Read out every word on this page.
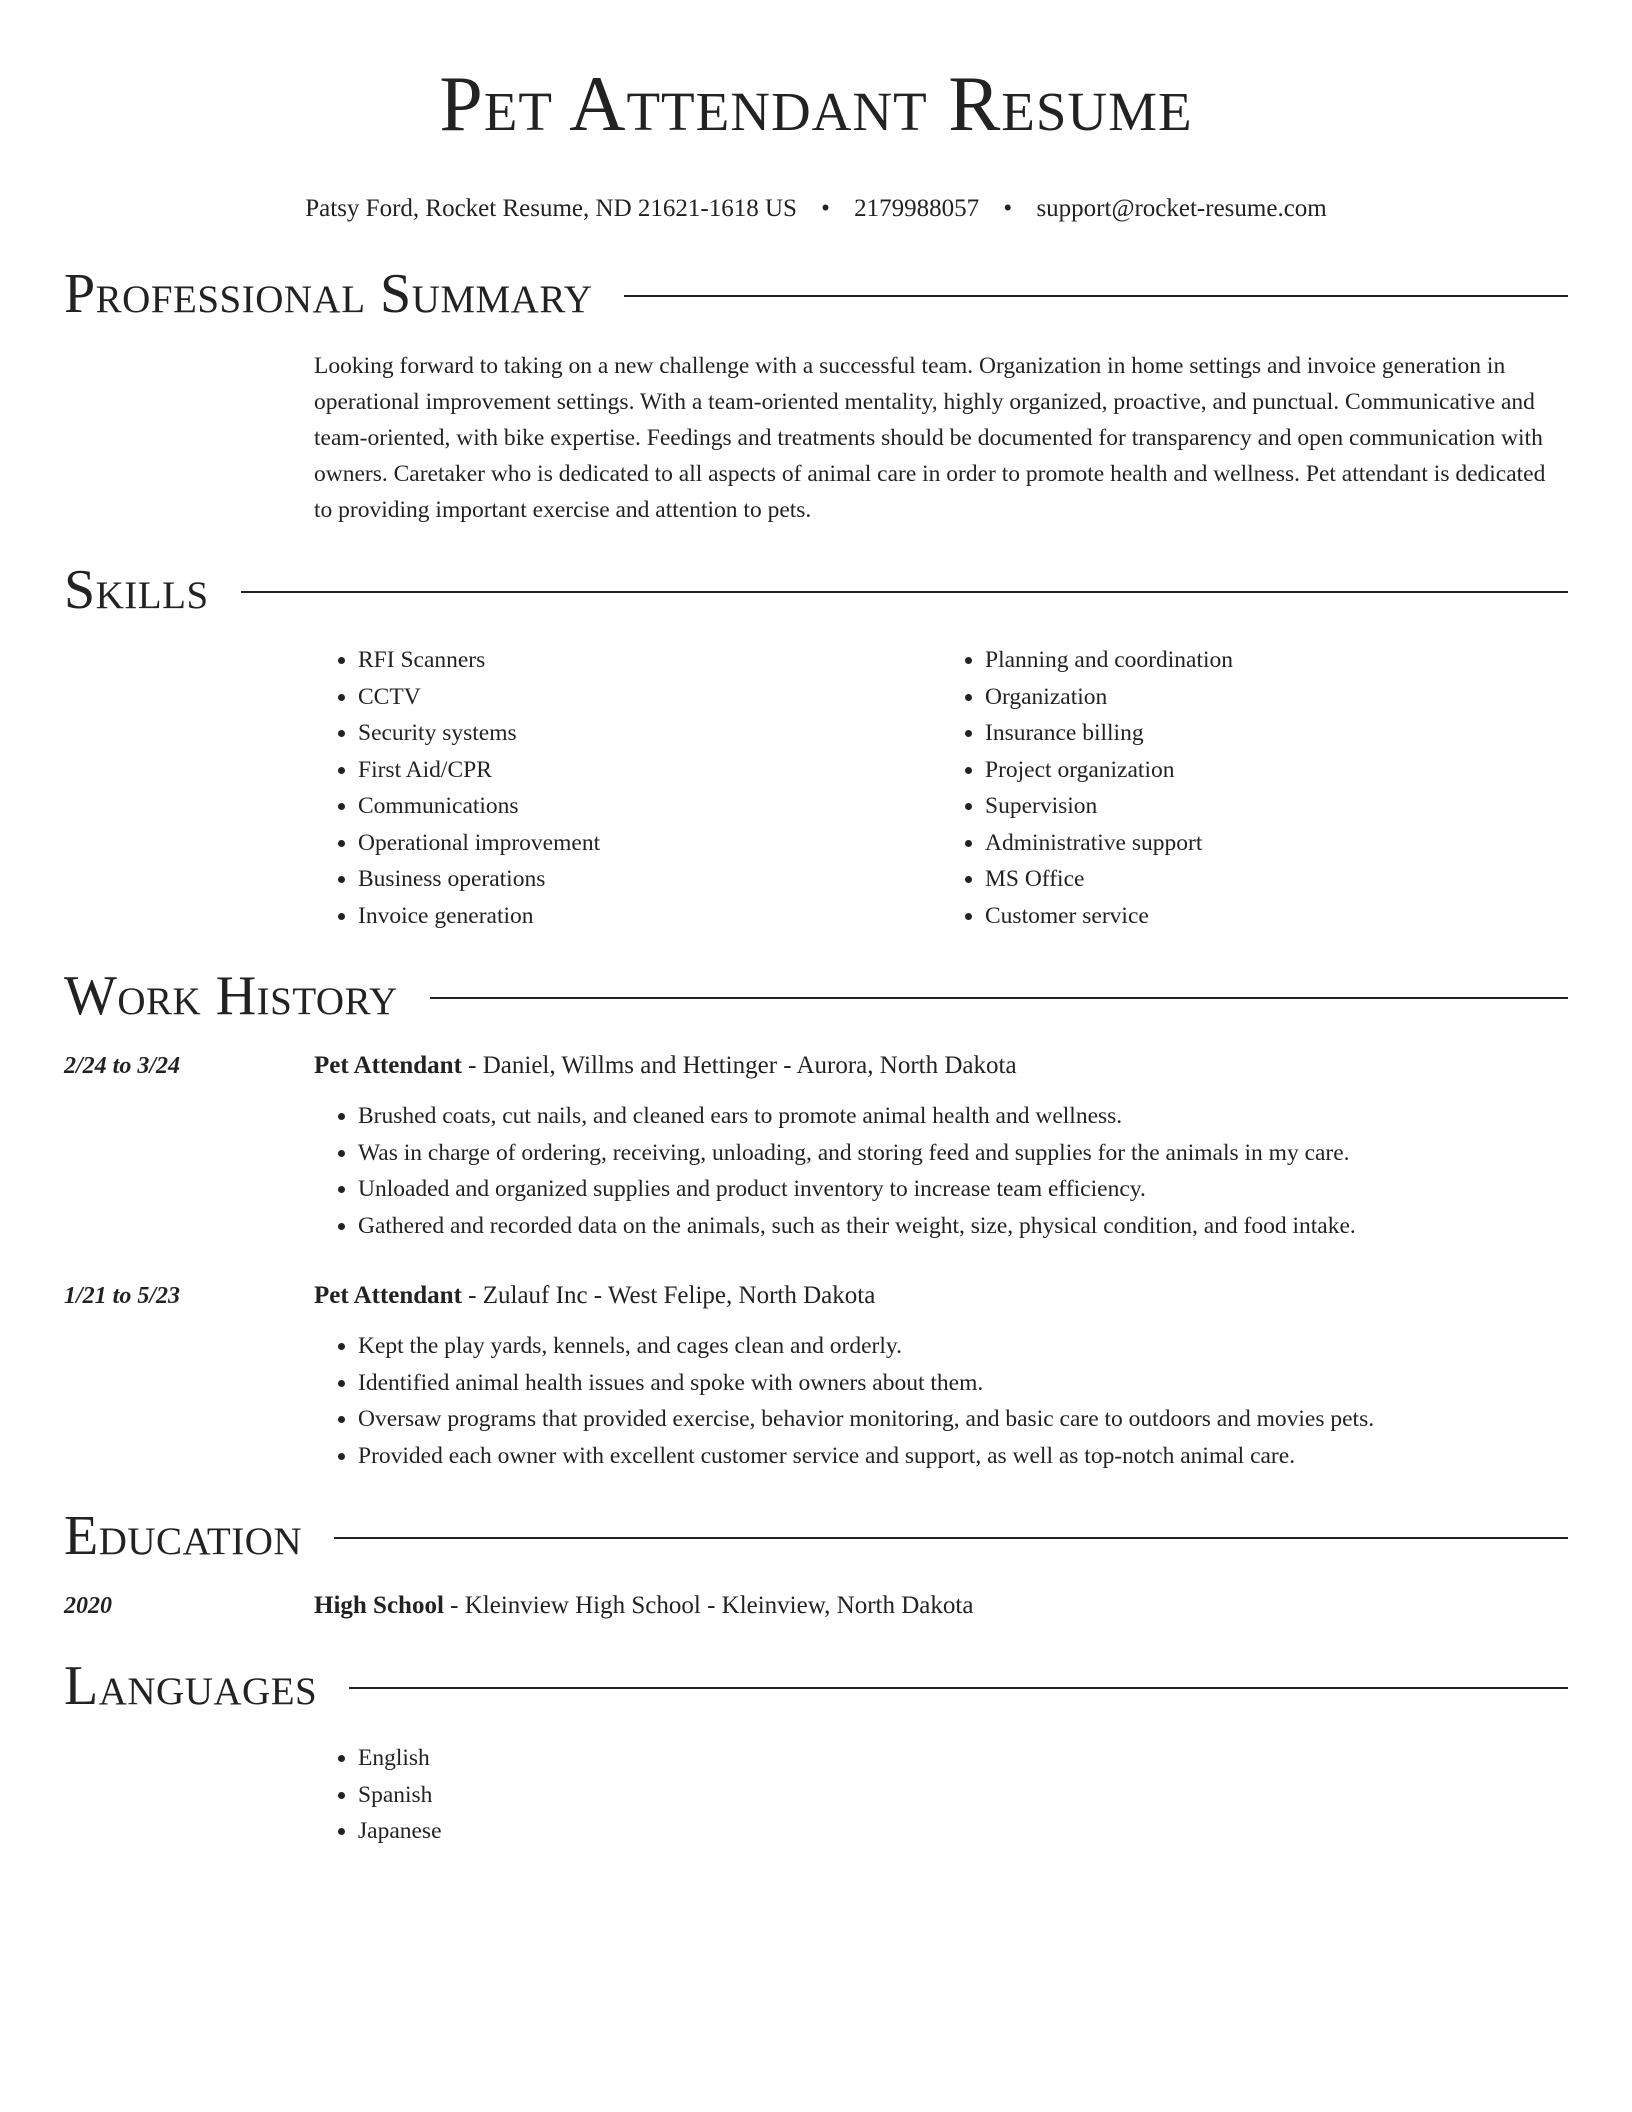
Pet Attendant Resume
Patsy Ford, Rocket Resume, ND 21621-1618 US • 2179988057 • support@rocket-resume.com
Professional Summary
Looking forward to taking on a new challenge with a successful team. Organization in home settings and invoice generation in operational improvement settings. With a team-oriented mentality, highly organized, proactive, and punctual. Communicative and team-oriented, with bike expertise. Feedings and treatments should be documented for transparency and open communication with owners. Caretaker who is dedicated to all aspects of animal care in order to promote health and wellness. Pet attendant is dedicated to providing important exercise and attention to pets.
Skills
• RFI Scanners
• CCTV
• Security systems
• First Aid/CPR
• Communications
• Operational improvement
• Business operations
• Invoice generation
• Planning and coordination
• Organization
• Insurance billing
• Project organization
• Supervision
• Administrative support
• MS Office
• Customer service
Work History
2/24 to 3/24	Pet Attendant - Daniel, Willms and Hettinger - Aurora, North Dakota
• Brushed coats, cut nails, and cleaned ears to promote animal health and wellness.
• Was in charge of ordering, receiving, unloading, and storing feed and supplies for the animals in my care.
• Unloaded and organized supplies and product inventory to increase team efficiency.
• Gathered and recorded data on the animals, such as their weight, size, physical condition, and food intake.
1/21 to 5/23	Pet Attendant - Zulauf Inc - West Felipe, North Dakota
• Kept the play yards, kennels, and cages clean and orderly.
• Identified animal health issues and spoke with owners about them.
• Oversaw programs that provided exercise, behavior monitoring, and basic care to outdoors and movies pets.
• Provided each owner with excellent customer service and support, as well as top-notch animal care.
Education
2020	High School - Kleinview High School - Kleinview, North Dakota
Languages
• English
• Spanish
• Japanese
